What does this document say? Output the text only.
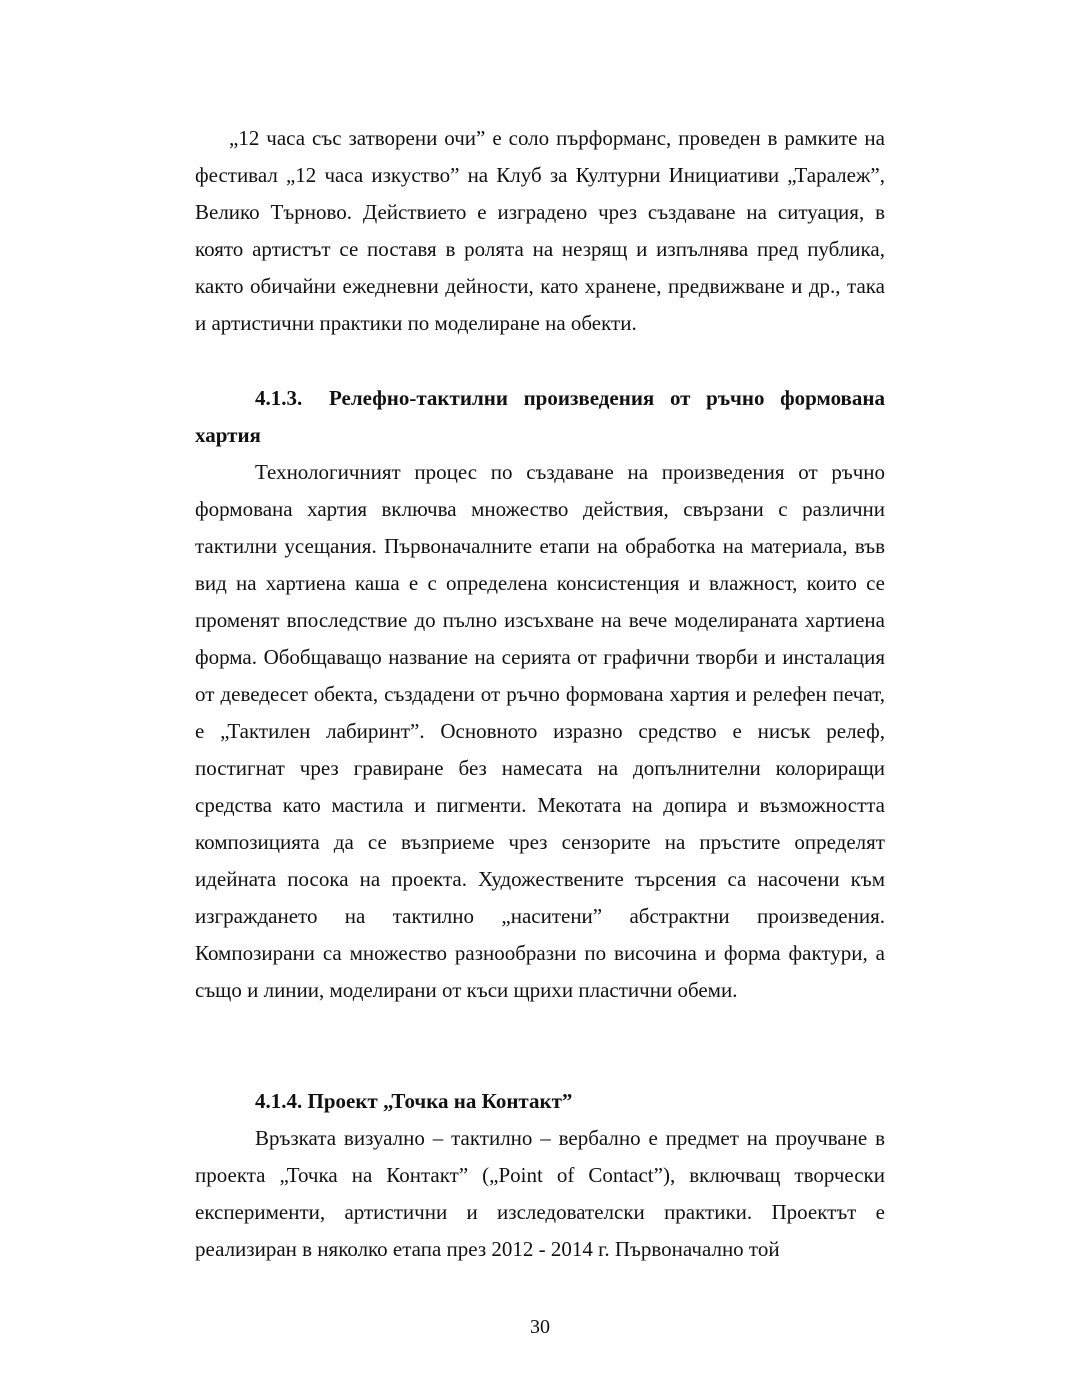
„12 часа със затворени очи” е соло пърформанс, проведен в рамките на фестивал „12 часа изкуство” на Клуб за Културни Инициативи „Таралеж”, Велико Търново. Действието е изградено чрез създаване на ситуация, в която артистът се поставя в ролята на незрящ и изпълнява пред публика, както обичайни ежедневни дейности, като хранене, предвижване и др., така и артистични практики по моделиране на обекти.

4.1.3. Релефно-тактилни произведения от ръчно формована хартия

Технологичният процес по създаване на произведения от ръчно формована хартия включва множество действия, свързани с различни тактилни усещания. Първоначалните етапи на обработка на материала, във вид на хартиена каша е с определена консистенция и влажност, които се променят впоследствие до пълно изсъхване на вече моделираната хартиена форма. Обобщаващо название на серията от графични творби и инсталация от деведесет обекта, създадени от ръчно формована хартия и релефен печат, е „Тактилен лабиринт”. Основното изразно средство е нисък релеф, постигнат чрез гравиране без намесата на допълнителни колориращи средства като мастила и пигменти. Мекотата на допира и възможността композицията да се възприеме чрез сензорите на пръстите определят идейната посока на проекта. Художествените търсения са насочени към изграждането на тактилно „наситени” абстрактни произведения. Композирани са множество разнообразни по височина и форма фактури, а също и линии, моделирани от къси щрихи пластични обеми.

4.1.4. Проект „Точка на Контакт”

Връзката визуално – тактилно – вербално е предмет на проучване в проекта „Точка на Контакт” („Point of Contact”), включващ творчески експерименти, артистични и изследователски практики. Проектът е реализиран в няколко етапа през 2012 - 2014 г. Първоначално той

30
